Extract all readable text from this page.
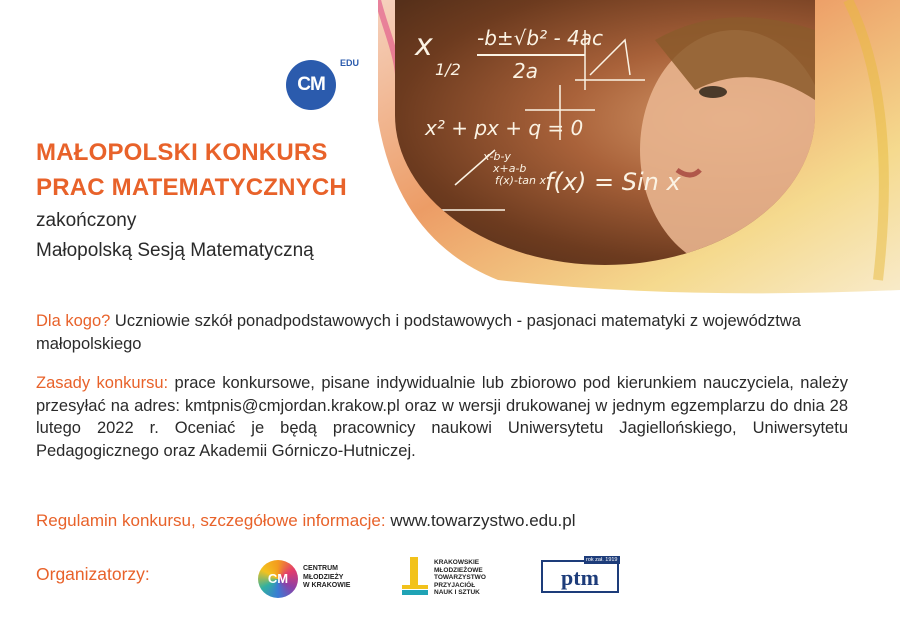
x
1/2
-b±√b² - 4ac
2a
x² + px + q = 0
f(x) = Sin x
x-b-y
x+a-b
f(x)-tan x
CM
EDU
MAŁOPOLSKI KONKURS
PRAC MATEMATYCZNYCH
zakończony
Małopolską Sesją Matematyczną
Dla kogo? Uczniowie szkół ponadpodstawowych i podstawowych - pasjonaci matematyki z województwa małopolskiego
Zasady konkursu: prace konkursowe, pisane indywidualnie lub zbiorowo pod kierunkiem nauczyciela, należy przesyłać na adres: kmtpnis@cmjordan.krakow.pl oraz w wersji drukowanej w jednym egzemplarzu do dnia 28 lutego 2022 r. Oceniać je będą pracownicy naukowi Uniwersytetu Jagiellońskiego, Uniwersytetu Pedagogicznego oraz Akademii Górniczo-Hutniczej.
Regulamin konkursu, szczegółowe informacje: www.towarzystwo.edu.pl
Organizatorzy:	CM
CENTRUM
MŁODZIEŻY
W KRAKOWIE
KRAKOWSKIE
MŁODZIEŻOWE
TOWARZYSTWO
PRZYJACIÓŁ
NAUK I SZTUK
ptm
rok zał. 1919
